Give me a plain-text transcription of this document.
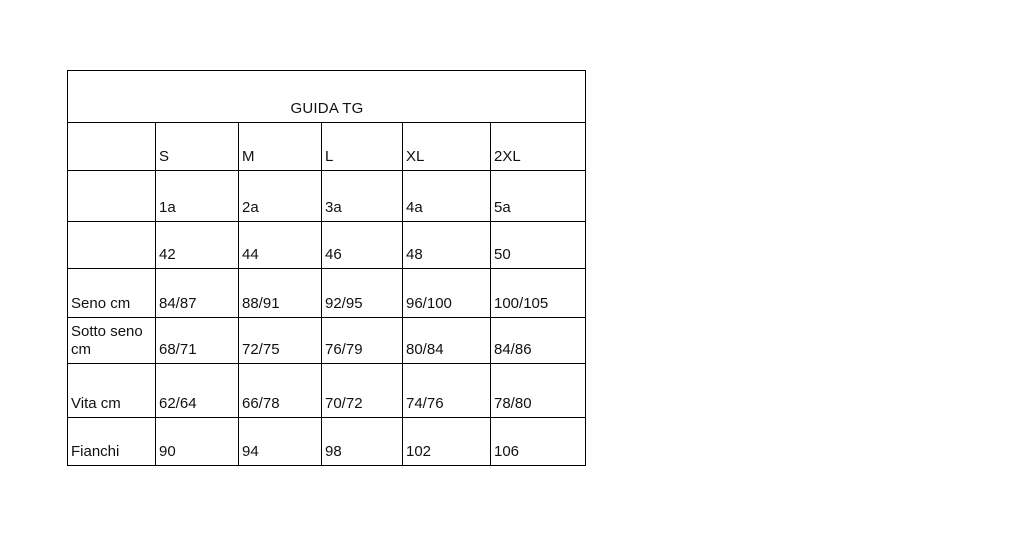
GUIDA TG					
	S	M	L	XL	2XL
	1a	2a	3a	4a	5a
	42	44	46	48	50
Seno cm	84/87	88/91	92/95	96/100	100/105
Sotto seno cm	68/71	72/75	76/79	80/84	84/86
Vita cm	62/64	66/78	70/72	74/76	78/80
Fianchi	90	94	98	102	106
